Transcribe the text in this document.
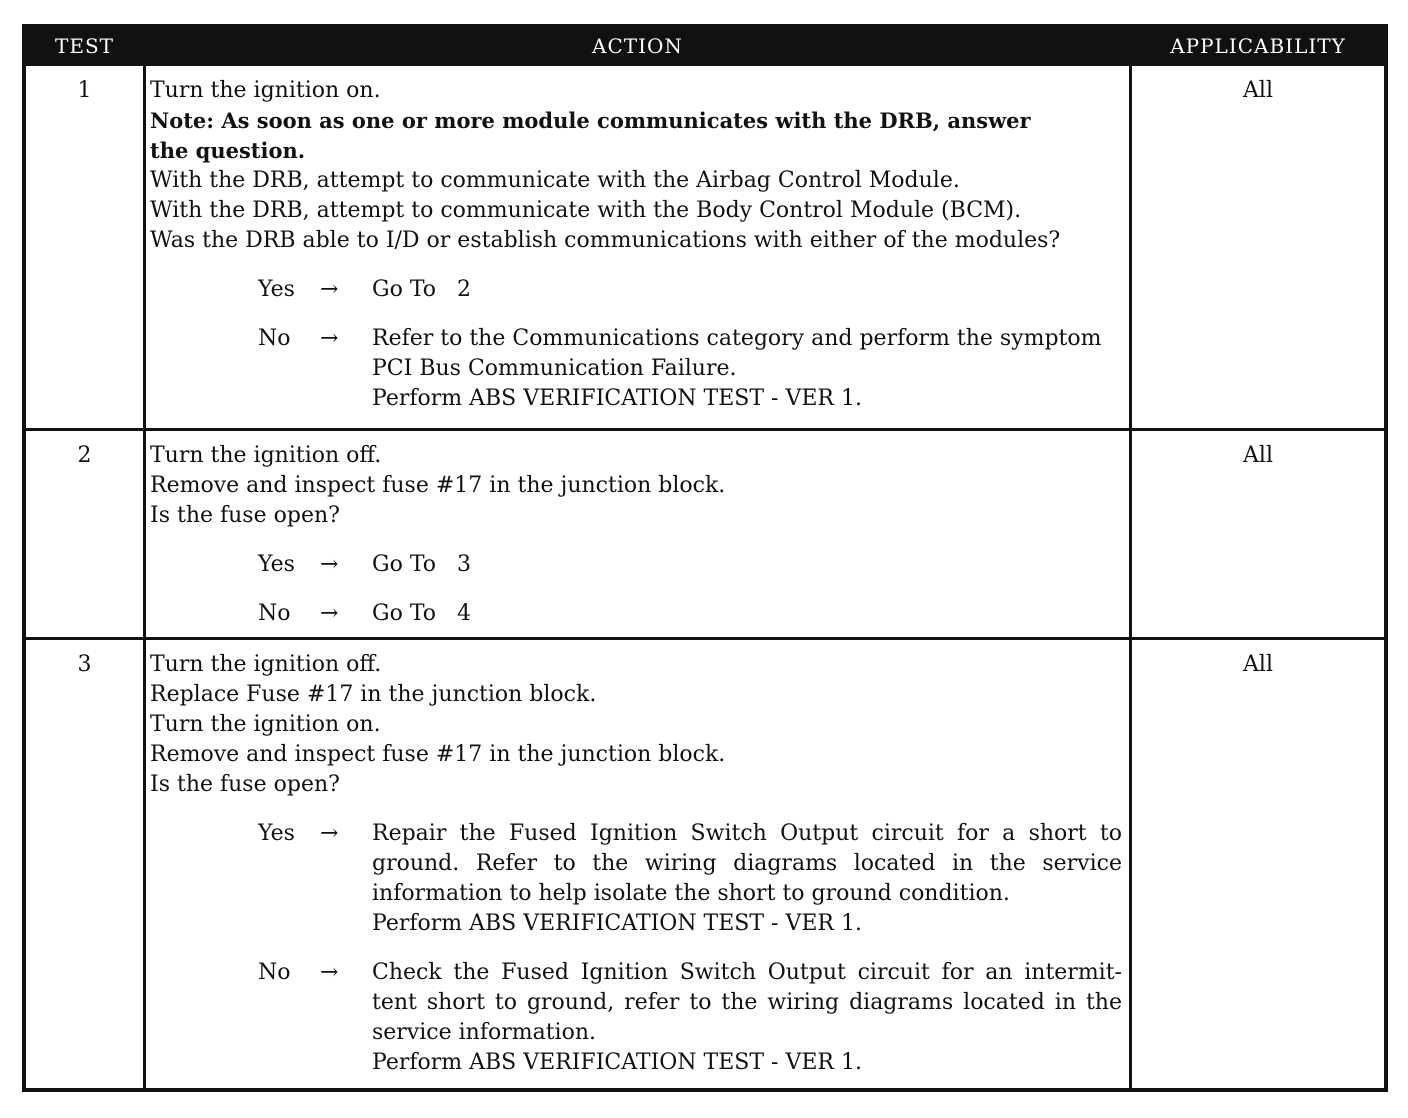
TEST	ACTION	APPLICABILITY
1	Turn the ignition on.
Note: As soon as one or more module communicates with the DRB, answer
the question.
With the DRB, attempt to communicate with the Airbag Control Module.
With the DRB, attempt to communicate with the Body Control Module (BCM).
Was the DRB able to I/D or establish communications with either of the modules?
Yes	→	Go To   2
No	→	Refer to the Communications category and perform the symptom
PCI Bus Communication Failure.
Perform ABS VERIFICATION TEST - VER 1.
All
2	Turn the ignition off.
Remove and inspect fuse #17 in the junction block.
Is the fuse open?
Yes	→	Go To   3
No	→	Go To   4
All
3	Turn the ignition off.
Replace Fuse #17 in the junction block.
Turn the ignition on.
Remove and inspect fuse #17 in the junction block.
Is the fuse open?
Yes	→	Repair the Fused Ignition Switch Output circuit for a short to
ground. Refer to the wiring diagrams located in the service
information to help isolate the short to ground condition.
Perform ABS VERIFICATION TEST - VER 1.
No	→	Check the Fused Ignition Switch Output circuit for an intermit-
tent short to ground, refer to the wiring diagrams located in the
service information.
Perform ABS VERIFICATION TEST - VER 1.
All
